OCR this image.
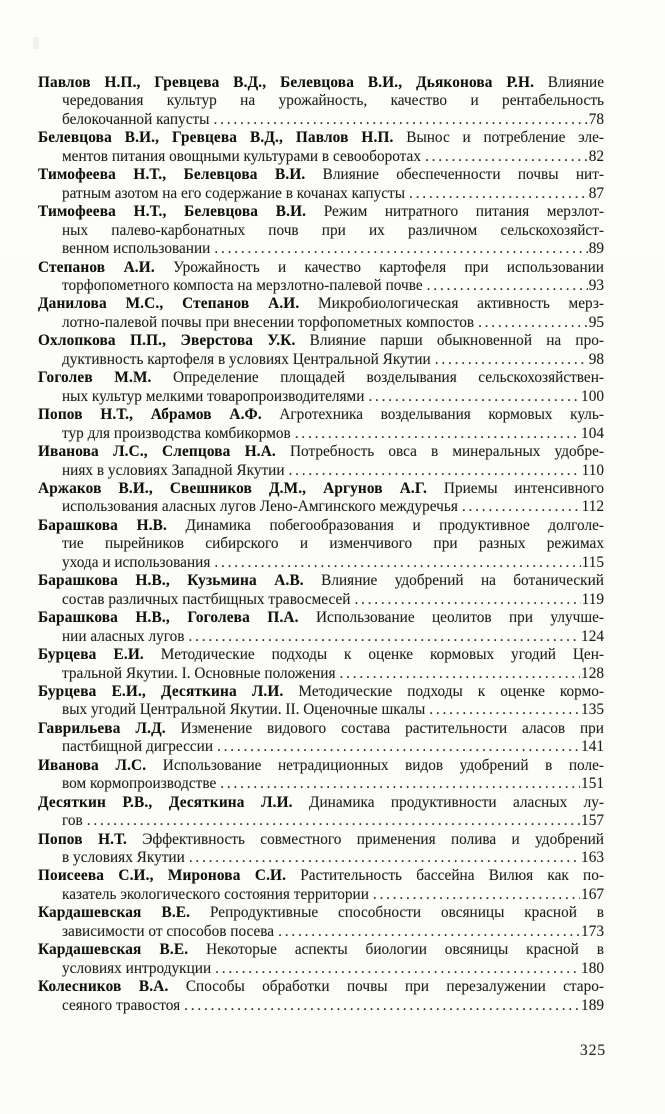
Павлов Н.П., Гревцева В.Д., Белевцова В.И., Дьяконова Р.Н. Влияние
чередования культур на урожайность, качество и рентабельность
белокочанной капусты .....	78
Белевцова В.И., Гревцева В.Д., Павлов Н.П. Вынос и потребление эле-
ментов питания овощными культурами в севооборотах .....	82
Тимофеева Н.Т., Белевцова В.И. Влияние обеспеченности почвы нит-
ратным азотом на его содержание в кочанах капусты .....	87
Тимофеева Н.Т., Белевцова В.И. Режим нитратного питания мерзлот-
ных палево-карбонатных почв при их различном сельскохозяйст-
венном использовании .....	89
Степанов А.И. Урожайность и качество картофеля при использовании
торфопометного компоста на мерзлотно-палевой почве .....	93
Данилова М.С., Степанов А.И. Микробиологическая активность мерз-
лотно-палевой почвы при внесении торфопометных компостов .....	95
Охлопкова П.П., Эверстова У.К. Влияние парши обыкновенной на про-
дуктивность картофеля в условиях Центральной Якутии .....	98
Гоголев М.М. Определение площадей возделывания сельскохозяйствен-
ных культур мелкими товаропроизводителями .....	100
Попов Н.Т., Абрамов А.Ф. Агротехника возделывания кормовых куль-
тур для производства комбикормов .....	104
Иванова Л.С., Слепцова Н.А. Потребность овса в минеральных удобре-
ниях в условиях Западной Якутии .....	110
Аржаков В.И., Свешников Д.М., Аргунов А.Г. Приемы интенсивного
использования аласных лугов Лено-Амгинского междуречья .....	112
Барашкова Н.В. Динамика побегообразования и продуктивное долголе-
тие пырейников сибирского и изменчивого при разных режимах
ухода и использования .....	115
Барашкова Н.В., Кузьмина А.В. Влияние удобрений на ботанический
состав различных пастбищных травосмесей .....	119
Барашкова Н.В., Гоголева П.А. Использование цеолитов при улучше-
нии аласных лугов .....	124
Бурцева Е.И. Методические подходы к оценке кормовых угодий Цен-
тральной Якутии. I. Основные положения .....	128
Бурцева Е.И., Десяткина Л.И. Методические подходы к оценке кормо-
вых угодий Центральной Якутии. II. Оценочные шкалы .....	135
Гаврильева Л.Д. Изменение видового состава растительности аласов при
пастбищной дигрессии .....	141
Иванова Л.С. Использование нетрадиционных видов удобрений в поле-
вом кормопроизводстве .....	151
Десяткин Р.В., Десяткина Л.И. Динамика продуктивности аласных лу-
гов .....	157
Попов Н.Т. Эффективность совместного применения полива и удобрений
в условиях Якутии .....	163
Поисеева С.И., Миронова С.И. Растительность бассейна Вилюя как по-
казатель экологического состояния территории .....	167
Кардашевская В.Е. Репродуктивные способности овсяницы красной в
зависимости от способов посева .....	173
Кардашевская В.Е. Некоторые аспекты биологии овсяницы красной в
условиях интродукции .....	180
Колесников В.А. Способы обработки почвы при перезалужении старо-
сеяного травостоя .....	189
325
